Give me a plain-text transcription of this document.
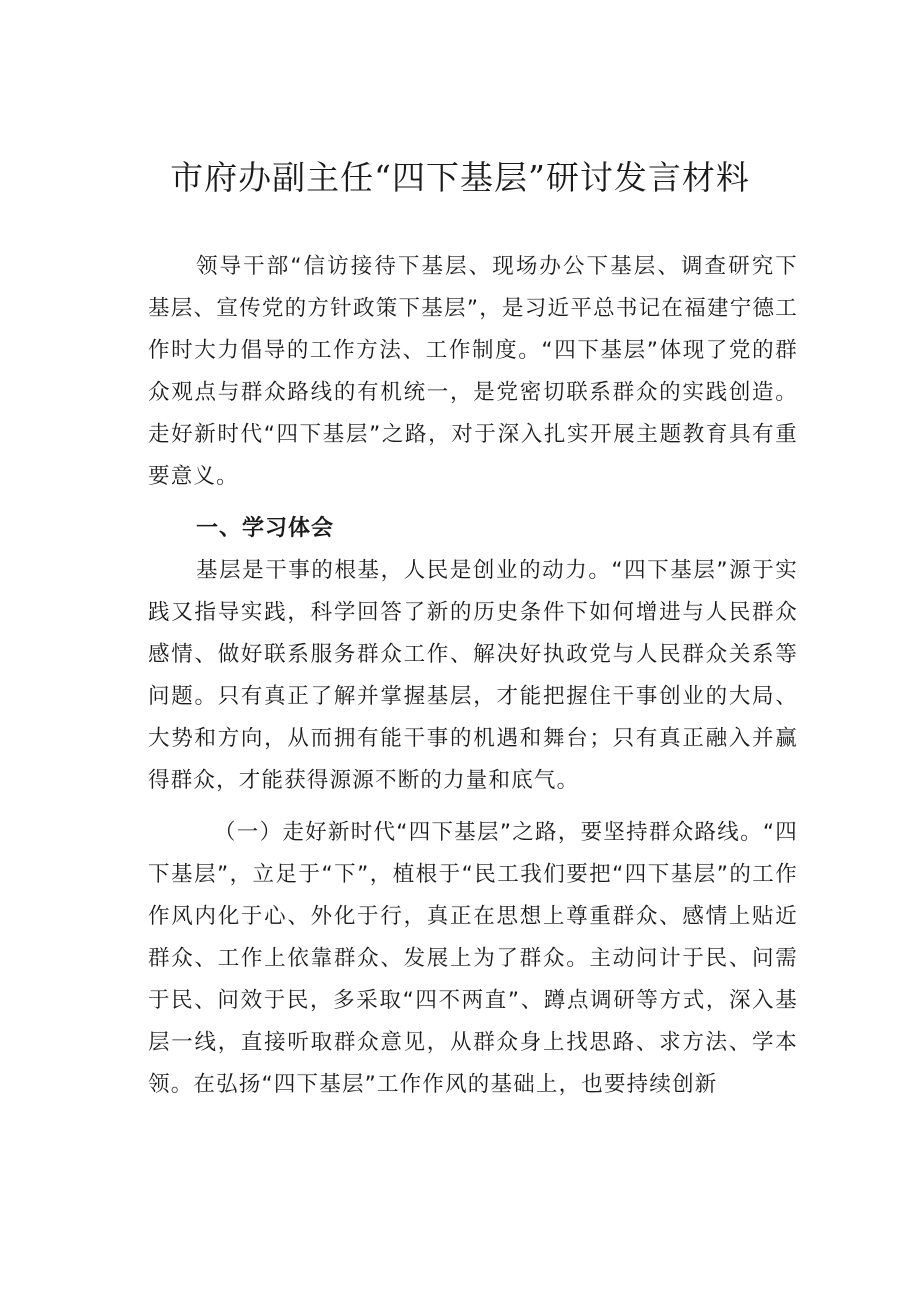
市府办副主任“四下基层”研讨发言材料

领导干部“信访接待下基层、现场办公下基层、调查研究下基层、宣传党的方针政策下基层”，是习近平总书记在福建宁德工作时大力倡导的工作方法、工作制度。“四下基层”体现了党的群众观点与群众路线的有机统一，是党密切联系群众的实践创造。走好新时代“四下基层”之路，对于深入扎实开展主题教育具有重要意义。

一、学习体会

基层是干事的根基，人民是创业的动力。“四下基层”源于实践又指导实践，科学回答了新的历史条件下如何增进与人民群众感情、做好联系服务群众工作、解决好执政党与人民群众关系等问题。只有真正了解并掌握基层，才能把握住干事创业的大局、大势和方向，从而拥有能干事的机遇和舞台；只有真正融入并赢得群众，才能获得源源不断的力量和底气。

（一）走好新时代“四下基层”之路，要坚持群众路线。“四下基层”，立足于“下”，植根于“民工我们要把“四下基层”的工作作风内化于心、外化于行，真正在思想上尊重群众、感情上贴近群众、工作上依靠群众、发展上为了群众。主动问计于民、问需于民、问效于民，多采取“四不两直”、蹲点调研等方式，深入基层一线，直接听取群众意见，从群众身上找思路、求方法、学本领。在弘扬“四下基层”工作作风的基础上，也要持续创新
